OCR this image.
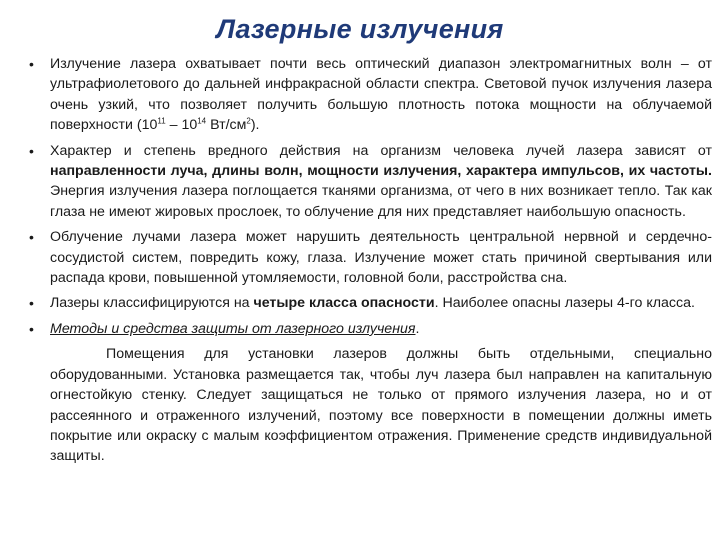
Лазерные излучения
• Излучение лазера охватывает почти весь оптический диапазон электромагнитных волн – от ультрафиолетового до дальней инфракрасной области спектра. Световой пучок излучения лазера очень узкий, что позволяет получить большую плотность потока мощности на облучаемой поверхности ($10^{11} - 10^{14}$ $Вт/см^2$).
• Характер и степень вредного действия на организм человека лучей лазера зависят от направленности луча, длины волн, мощности излучения, характера импульсов, их частоты. Энергия излучения лазера поглощается тканями организма, от чего в них возникает тепло. Так как глаза не имеют жировых прослоек, то облучение для них представляет наибольшую опасность.
• Облучение лучами лазера может нарушить деятельность центральной нервной и сердечно-сосудистой систем, повредить кожу, глаза. Излучение может стать причиной свертывания или распада крови, повышенной утомляемости, головной боли, расстройства сна.
• Лазеры классифицируются на четыре класса опасности. Наиболее опасны лазеры 4-го класса.
• Методы и средства защиты от лазерного излучения.

Помещения для установки лазеров должны быть отдельными, специально оборудованными. Установка размещается так, чтобы луч лазера был направлен на капитальную огнестойкую стенку. Следует защищаться не только от прямого излучения лазера, но и от рассеянного и отраженного излучений, поэтому все поверхности в помещении должны иметь покрытие или окраску с малым коэффициентом отражения. Применение средств индивидуальной защиты.
